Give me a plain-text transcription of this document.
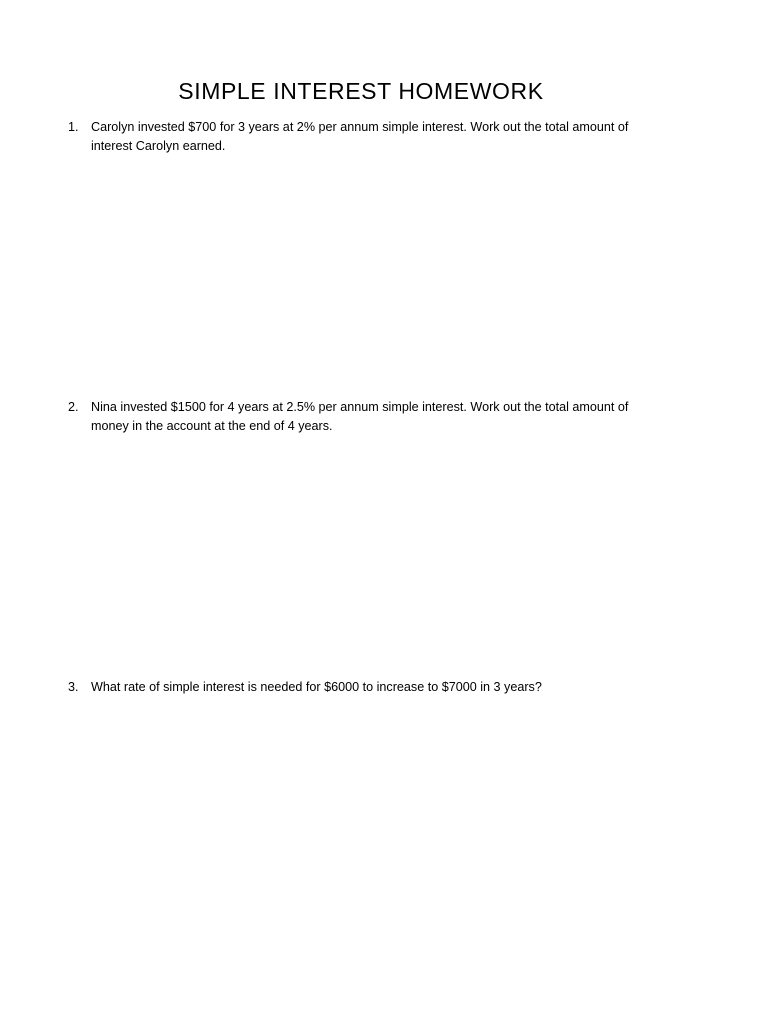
SIMPLE INTEREST HOMEWORK
1. Carolyn invested $700 for 3 years at 2% per annum simple interest. Work out the total amount of
interest Carolyn earned.
2. Nina invested $1500 for 4 years at 2.5% per annum simple interest. Work out the total amount of
money in the account at the end of 4 years.
3. What rate of simple interest is needed for $6000 to increase to $7000 in 3 years?
